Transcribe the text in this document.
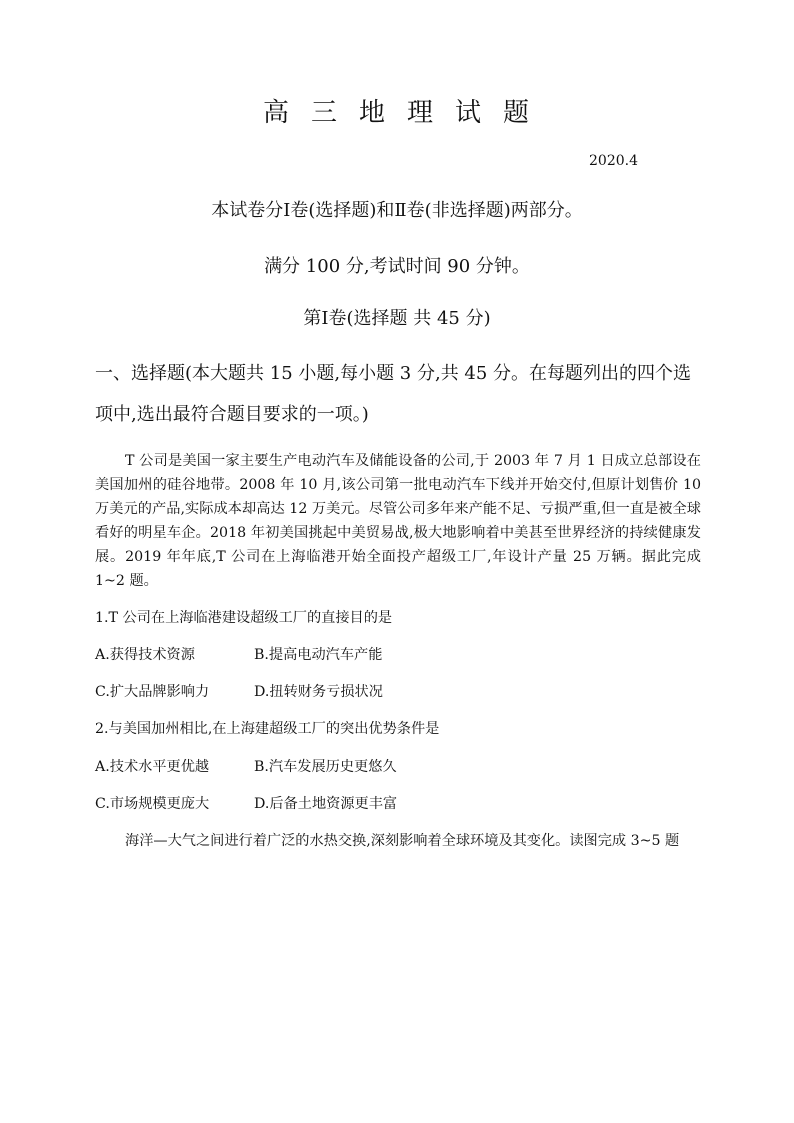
高三地理试题
2020.4
本试卷分Ⅰ卷(选择题)和Ⅱ卷(非选择题)两部分。
满分 100 分,考试时间 90 分钟。
第Ⅰ卷(选择题 共 45 分)
一、选择题(本大题共 15 小题,每小题 3 分,共 45 分。在每题列出的四个选
项中,选出最符合题目要求的一项。)

T 公司是美国一家主要生产电动汽车及储能设备的公司,于 2003 年 7 月 1 日成立总部设在美国加州的硅谷地带。2008 年 10 月,该公司第一批电动汽车下线并开始交付,但原计划售价 10 万美元的产品,实际成本却高达 12 万美元。尽管公司多年来产能不足、亏损严重,但一直是被全球看好的明星车企。2018 年初美国挑起中美贸易战,极大地影响着中美甚至世界经济的持续健康发展。2019 年年底,T 公司在上海临港开始全面投产超级工厂,年设计产量 25 万辆。据此完成 1~2 题。

1.T 公司在上海临港建设超级工厂的直接目的是
A.获得技术资源	B.提高电动汽车产能
C.扩大品牌影响力	D.扭转财务亏损状况
2.与美国加州相比,在上海建超级工厂的突出优势条件是
A.技术水平更优越	B.汽车发展历史更悠久
C.市场规模更庞大	D.后备土地资源更丰富

海洋—大气之间进行着广泛的水热交换,深刻影响着全球环境及其变化。读图完成 3~5 题
